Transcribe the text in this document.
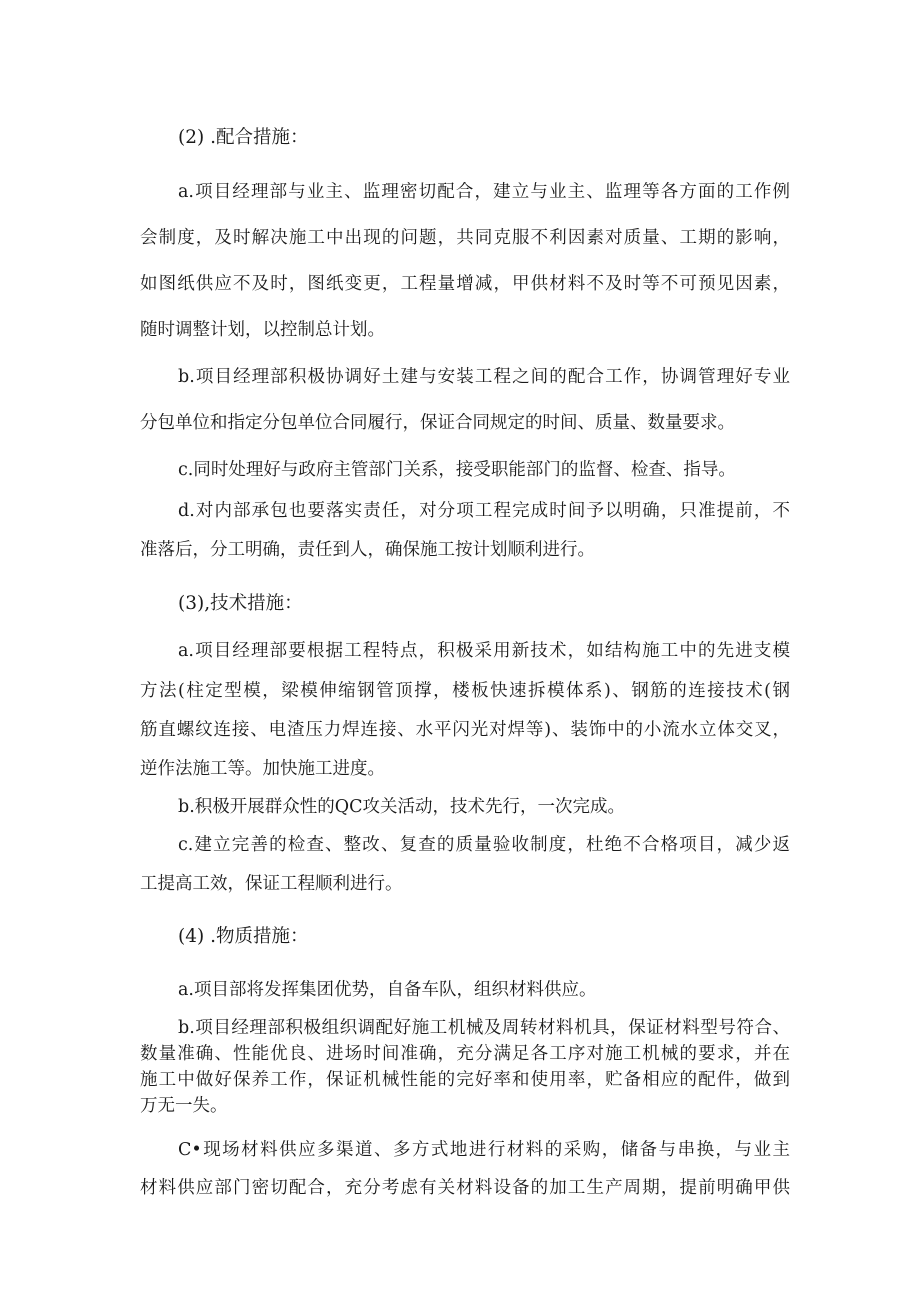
(2) .配合措施：
a.项目经理部与业主、监理密切配合，建立与业主、监理等各方面的工作例
会制度，及时解决施工中出现的问题，共同克服不利因素对质量、工期的影响，
如图纸供应不及时，图纸变更，工程量增减，甲供材料不及时等不可预见因素，
随时调整计划，以控制总计划。
b.项目经理部积极协调好土建与安装工程之间的配合工作，协调管理好专业
分包单位和指定分包单位合同履行，保证合同规定的时间、质量、数量要求。
c.同时处理好与政府主管部门关系，接受职能部门的监督、检查、指导。
d.对内部承包也要落实责任，对分项工程完成时间予以明确，只准提前，不
准落后，分工明确，责任到人，确保施工按计划顺利进行。
(3),技术措施：
a.项目经理部要根据工程特点，积极采用新技术，如结构施工中的先进支模
方法(柱定型模，梁模伸缩钢管顶撑，楼板快速拆模体系)、钢筋的连接技术(钢
筋直螺纹连接、电渣压力焊连接、水平闪光对焊等)、装饰中的小流水立体交叉，
逆作法施工等。加快施工进度。
b.积极开展群众性的QC攻关活动，技术先行，一次完成。
c.建立完善的检查、整改、复查的质量验收制度，杜绝不合格项目，减少返
工提高工效，保证工程顺利进行。
(4) .物质措施：
a.项目部将发挥集团优势，自备车队，组织材料供应。
b.项目经理部积极组织调配好施工机械及周转材料机具，保证材料型号符合、
数量准确、性能优良、进场时间准确，充分满足各工序对施工机械的要求，并在
施工中做好保养工作，保证机械性能的完好率和使用率，贮备相应的配件，做到
万无一失。
C•现场材料供应多渠道、多方式地进行材料的采购，储备与串换，与业主
材料供应部门密切配合，充分考虑有关材料设备的加工生产周期，提前明确甲供
